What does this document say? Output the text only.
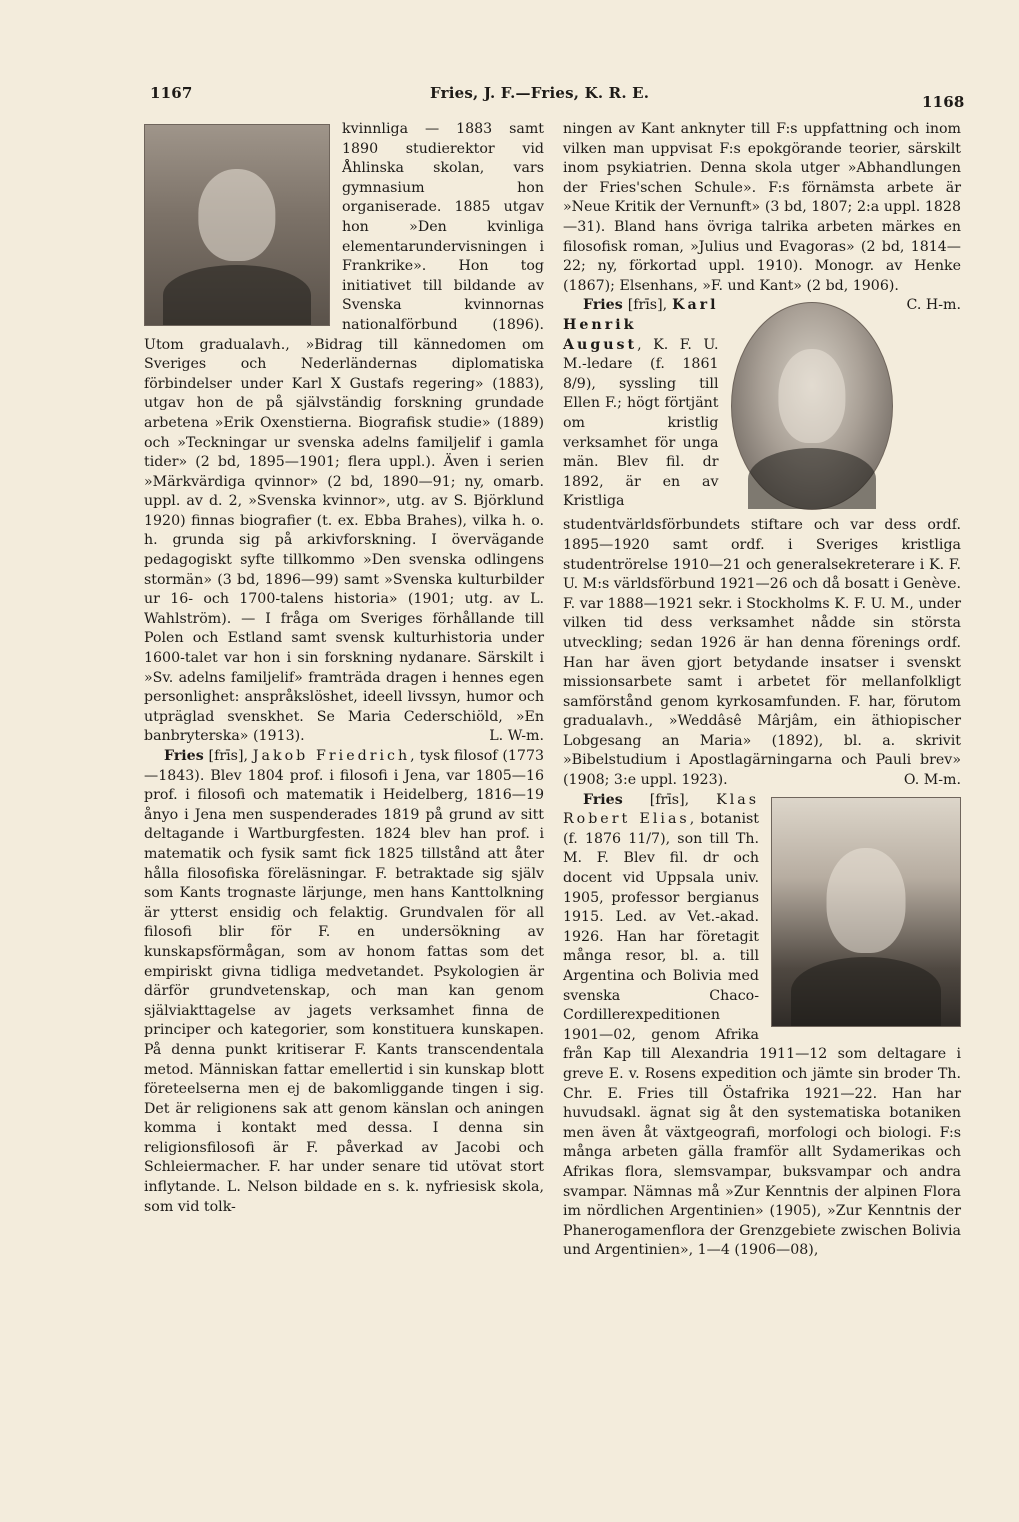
1167	Fries, J. F.—Fries, K. R. E.	1168

kvinnliga — 1883 samt 1890 studierektor vid Åhlinska skolan, vars gymnasium hon organiserade. 1885 utgav hon »Den kvinliga elementarundervisningen i Frankrike». Hon tog initiativet till bildande av Svenska kvinnornas nationalförbund (1896). Utom gradualavh., »Bidrag till kännedomen om Sveriges och Nederländernas diplomatiska förbindelser under Karl X Gustafs regering» (1883), utgav hon de på självständig forskning grundade arbetena »Erik Oxenstierna. Biografisk studie» (1889) och »Teckningar ur svenska adelns familjelif i gamla tider» (2 bd, 1895—1901; flera uppl.). Även i serien »Märkvärdiga qvinnor» (2 bd, 1890—91; ny, omarb. uppl. av d. 2, »Svenska kvinnor», utg. av S. Björklund 1920) finnas biografier (t. ex. Ebba Brahes), vilka h. o. h. grunda sig på arkivforskning. I övervägande pedagogiskt syfte tillkommo »Den svenska odlingens stormän» (3 bd, 1896—99) samt »Svenska kulturbilder ur 16- och 1700-talens historia» (1901; utg. av L. Wahlström). — I fråga om Sveriges förhållande till Polen och Estland samt svensk kulturhistoria under 1600-talet var hon i sin forskning nydanare. Särskilt i »Sv. adelns familjelif» framträda dragen i hennes egen personlighet: anspråkslöshet, ideell livssyn, humor och utpräglad svenskhet. Se Maria Cederschiöld, »En banbryterska» (1913).	L. W-m.

Fries [frīs], Jakob Friedrich, tysk filosof (1773—1843). Blev 1804 prof. i filosofi i Jena, var 1805—16 prof. i filosofi och matematik i Heidelberg, 1816—19 ånyo i Jena men suspenderades 1819 på grund av sitt deltagande i Wartburgfesten. 1824 blev han prof. i matematik och fysik samt fick 1825 tillstånd att åter hålla filosofiska föreläsningar. F. betraktade sig själv som Kants trognaste lärjunge, men hans Kanttolkning är ytterst ensidig och felaktig. Grundvalen för all filosofi blir för F. en undersökning av kunskapsförmågan, som av honom fattas som det empiriskt givna tidliga medvetandet. Psykologien är därför grundvetenskap, och man kan genom själviakttagelse av jagets verksamhet finna de principer och kategorier, som konstituera kunskapen. På denna punkt kritiserar F. Kants transcendentala metod. Människan fattar emellertid i sin kunskap blott företeelserna men ej de bakomliggande tingen i sig. Det är religionens sak att genom känslan och aningen komma i kontakt med dessa. I denna sin religionsfilosofi är F. påverkad av Jacobi och Schleiermacher. F. har under senare tid utövat stort inflytande. L. Nelson bildade en s. k. nyfriesisk skola, som vid tolk-

ningen av Kant anknyter till F:s uppfattning och inom vilken man uppvisat F:s epokgörande teorier, särskilt inom psykiatrien. Denna skola utger »Abhandlungen der Fries'schen Schule». F:s förnämsta arbete är »Neue Kritik der Vernunft» (3 bd, 1807; 2:a uppl. 1828—31). Bland hans övriga talrika arbeten märkes en filosofisk roman, »Julius und Evagoras» (2 bd, 1814—22; ny, förkortad uppl. 1910). Monogr. av Henke (1867); Elsenhans, »F. und Kant» (2 bd, 1906).
C. H-m.

Fries [frīs], Karl Henrik August, K. F. U. M.-ledare (f. 1861 8/9), syssling till Ellen F.; högt förtjänt om kristlig verksamhet för unga män. Blev fil. dr 1892, är en av Kristliga studentvärldsförbundets stiftare och var dess ordf. 1895—1920 samt ordf. i Sveriges kristliga studentrörelse 1910—21 och generalsekreterare i K. F. U. M:s världsförbund 1921—26 och då bosatt i Genève. F. var 1888—1921 sekr. i Stockholms K. F. U. M., under vilken tid dess verksamhet nådde sin största utveckling; sedan 1926 är han denna förenings ordf. Han har även gjort betydande insatser i svenskt missionsarbete samt i arbetet för mellanfolkligt samförstånd genom kyrkosamfunden. F. har, förutom gradualavh., »Weddâsê Mârjâm, ein äthiopischer Lobgesang an Maria» (1892), bl. a. skrivit »Bibelstudium i Apostlagärningarna och Pauli brev» (1908; 3:e uppl. 1923).	O. M-m.

Fries [frīs], Klas Robert Elias, botanist (f. 1876 11/7), son till Th. M. F. Blev fil. dr och docent vid Uppsala univ. 1905, professor bergianus 1915. Led. av Vet.-akad. 1926. Han har företagit många resor, bl. a. till Argentina och Bolivia med svenska Chaco-Cordillerexpeditionen 1901—02, genom Afrika från Kap till Alexandria 1911—12 som deltagare i greve E. v. Rosens expedition och jämte sin broder Th. Chr. E. Fries till Östafrika 1921—22. Han har huvudsakl. ägnat sig åt den systematiska botaniken men även åt växtgeografi, morfologi och biologi. F:s många arbeten gälla framför allt Sydamerikas och Afrikas flora, slemsvampar, buksvampar och andra svampar. Nämnas må »Zur Kenntnis der alpinen Flora im nördlichen Argentinien» (1905), »Zur Kenntnis der Phanerogamenflora der Grenzgebiete zwischen Bolivia und Argentinien», 1—4 (1906—08),
